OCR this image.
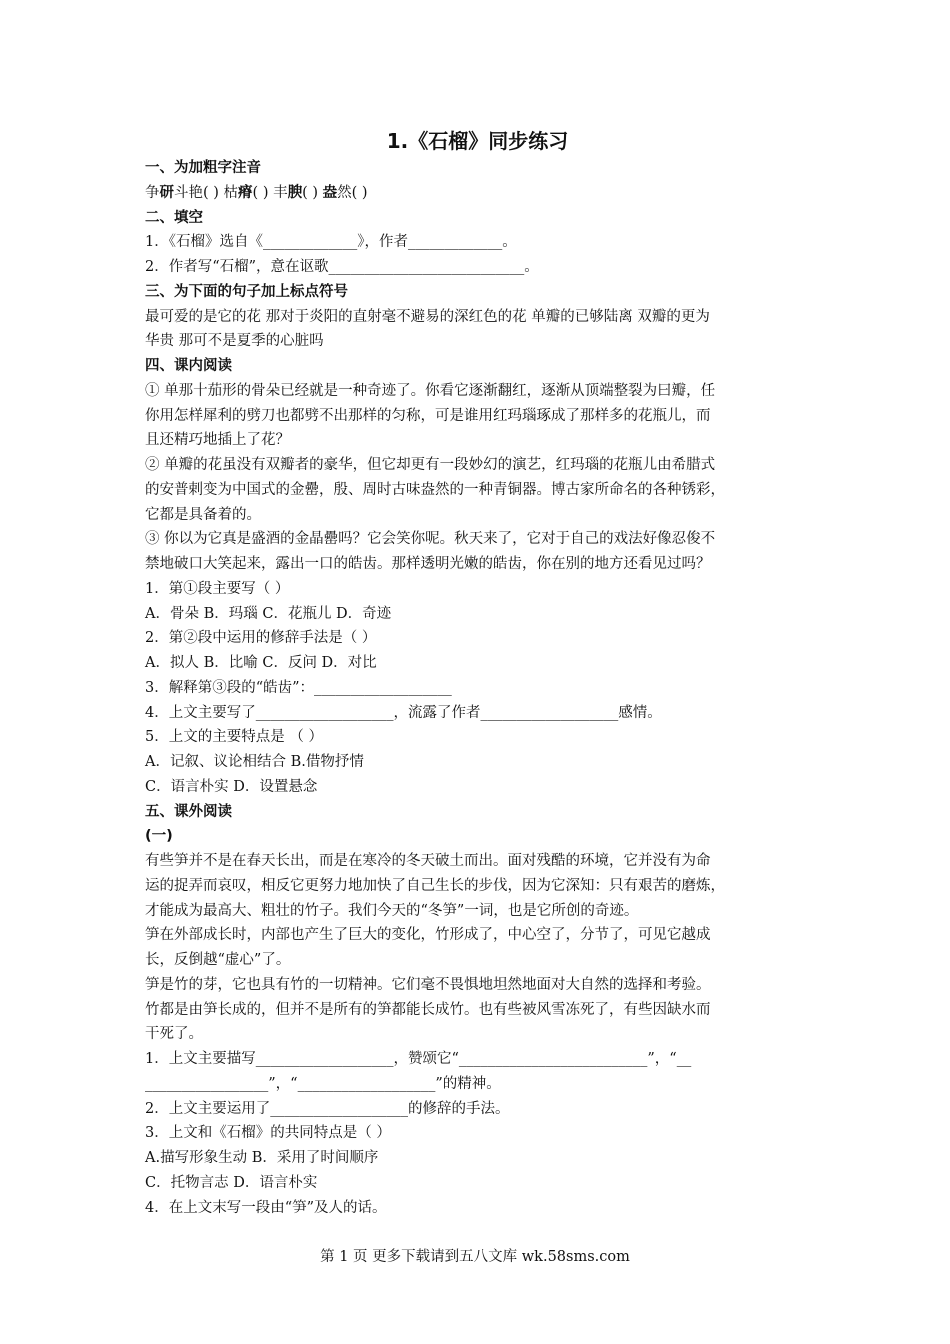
1.《石榴》同步练习
一、为加粗字注音
争研斗艳( ) 枯瘠( ) 丰腴( ) 盎然( )
二、填空
1．《石榴》选自《_____________》，作者_____________。
2．作者写“石榴”，意在讴歌___________________________。
三、为下面的句子加上标点符号
最可爱的是它的花 那对于炎阳的直射毫不避易的深红色的花 单瓣的已够陆离 双瓣的更为
华贵 那可不是夏季的心脏吗
四、课内阅读
① 单那十茄形的骨朵已经就是一种奇迹了。你看它逐渐翻红，逐渐从顶端整裂为曰瓣，任
你用怎样犀利的劈刀也都劈不出那样的匀称，可是谁用红玛瑙琢成了那样多的花瓶儿，而
且还精巧地插上了花？
② 单瓣的花虽没有双瓣者的豪华，但它却更有一段妙幻的演艺，红玛瑙的花瓶儿由希腊式
的安普剌变为中国式的金罍，殷、周时古味盎然的一种青铜器。博古家所命名的各种锈彩，
它都是具备着的。
③ 你以为它真是盛酒的金晶罍吗？它会笑你呢。秋天来了，它对于自己的戏法好像忍俊不
禁地破口大笑起来，露出一口的皓齿。那样透明光嫩的皓齿，你在别的地方还看见过吗？
1．第①段主要写（ ）
A．骨朵 B．玛瑙 C．花瓶儿 D．奇迹
2．第②段中运用的修辞手法是（ ）
A．拟人 B．比喻 C．反问 D．对比
3．解释第③段的“皓齿”：___________________
4．上文主要写了___________________，流露了作者___________________感情。
5．上文的主要特点是 （ ）
A．记叙、议论相结合 B.借物抒情
C．语言朴实 D．设置悬念
五、课外阅读
(一)
有些笋并不是在春天长出，而是在寒冷的冬天破土而出。面对残酷的环境，它并没有为命
运的捉弄而哀叹，相反它更努力地加快了自己生长的步伐，因为它深知：只有艰苦的磨炼，
才能成为最高大、粗壮的竹子。我们今天的“冬笋”一词，也是它所创的奇迹。
笋在外部成长时，内部也产生了巨大的变化，竹形成了，中心空了，分节了，可见它越成
长，反倒越“虚心”了。
笋是竹的芽，它也具有竹的一切精神。它们毫不畏惧地坦然地面对大自然的选择和考验。
竹都是由笋长成的，但并不是所有的笋都能长成竹。也有些被风雪冻死了，有些因缺水而
干死了。
1．上文主要描写___________________，赞颂它“__________________________”，“__
_________________”，“___________________”的精神。
2．上文主要运用了___________________的修辞的手法。
3．上文和《石榴》的共同特点是（ ）
A.描写形象生动 B．采用了时间顺序
C．托物言志 D．语言朴实
4．在上文末写一段由“笋”及人的话。
第 1 页 更多下载请到五八文库 wk.58sms.com
